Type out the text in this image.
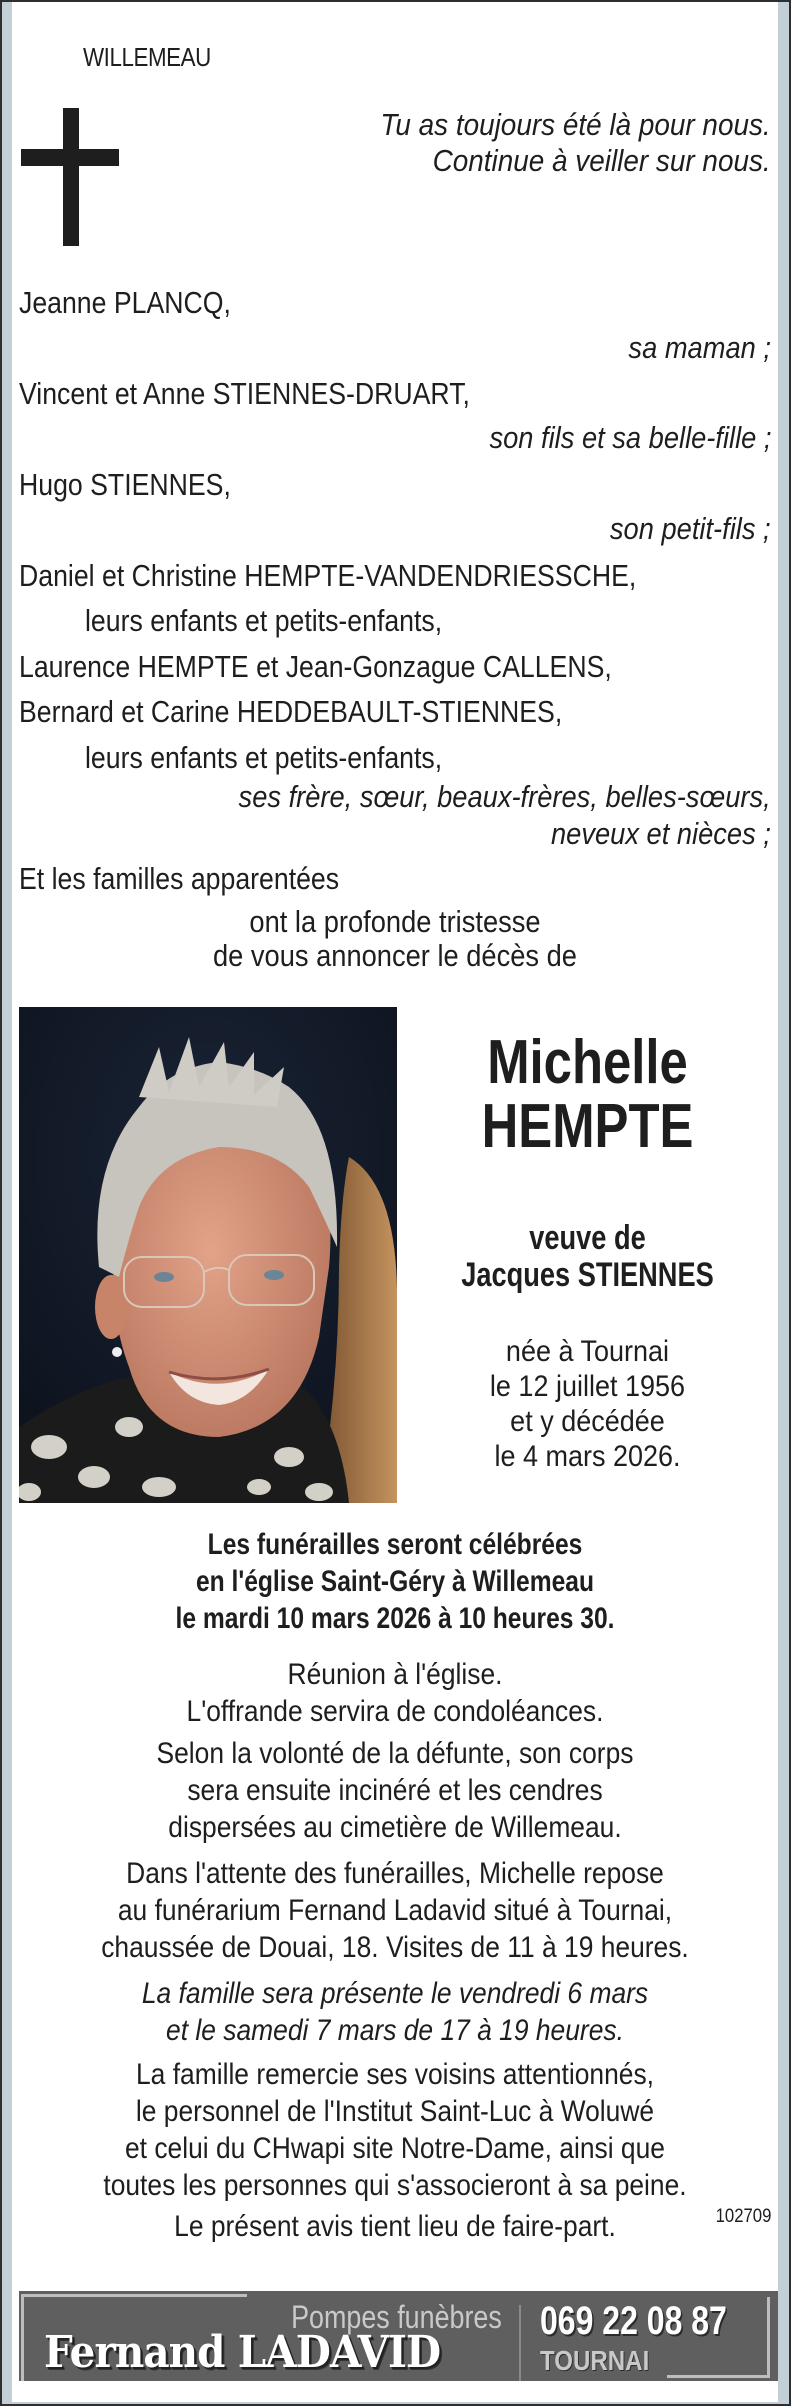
WILLEMEAU
Tu as toujours été là pour nous.
Continue à veiller sur nous.
Jeanne PLANCQ,
sa maman ;
Vincent et Anne STIENNES-DRUART,
son fils et sa belle-fille ;
Hugo STIENNES,
son petit-fils ;
Daniel et Christine HEMPTE-VANDENDRIESSCHE,
leurs enfants et petits-enfants,
Laurence HEMPTE et Jean-Gonzague CALLENS,
Bernard et Carine HEDDEBAULT-STIENNES,
leurs enfants et petits-enfants,
ses frère, sœur, beaux-frères, belles-sœurs,
neveux et nièces ;
Et les familles apparentées
ont la profonde tristesse
de vous annoncer le décès de
Michelle
HEMPTE
veuve de
Jacques STIENNES
née à Tournai
le 12 juillet 1956
et y décédée
le 4 mars 2026.
Les funérailles seront célébrées
en l'église Saint-Géry à Willemeau
le mardi 10 mars 2026 à 10 heures 30.
Réunion à l'église.
L'offrande servira de condoléances.
Selon la volonté de la défunte, son corps
sera ensuite incinéré et les cendres
dispersées au cimetière de Willemeau.
Dans l'attente des funérailles, Michelle repose
au funérarium Fernand Ladavid situé à Tournai,
chaussée de Douai, 18. Visites de 11 à 19 heures.
La famille sera présente le vendredi 6 mars
et le samedi 7 mars de 17 à 19 heures.
La famille remercie ses voisins attentionnés,
le personnel de l'Institut Saint-Luc à Woluwé
et celui du CHwapi site Notre-Dame, ainsi que
toutes les personnes qui s'associeront à sa peine.
Le présent avis tient lieu de faire-part.	102709
Pompes funèbres
Fernand LADAVID
069 22 08 87
TOURNAI
